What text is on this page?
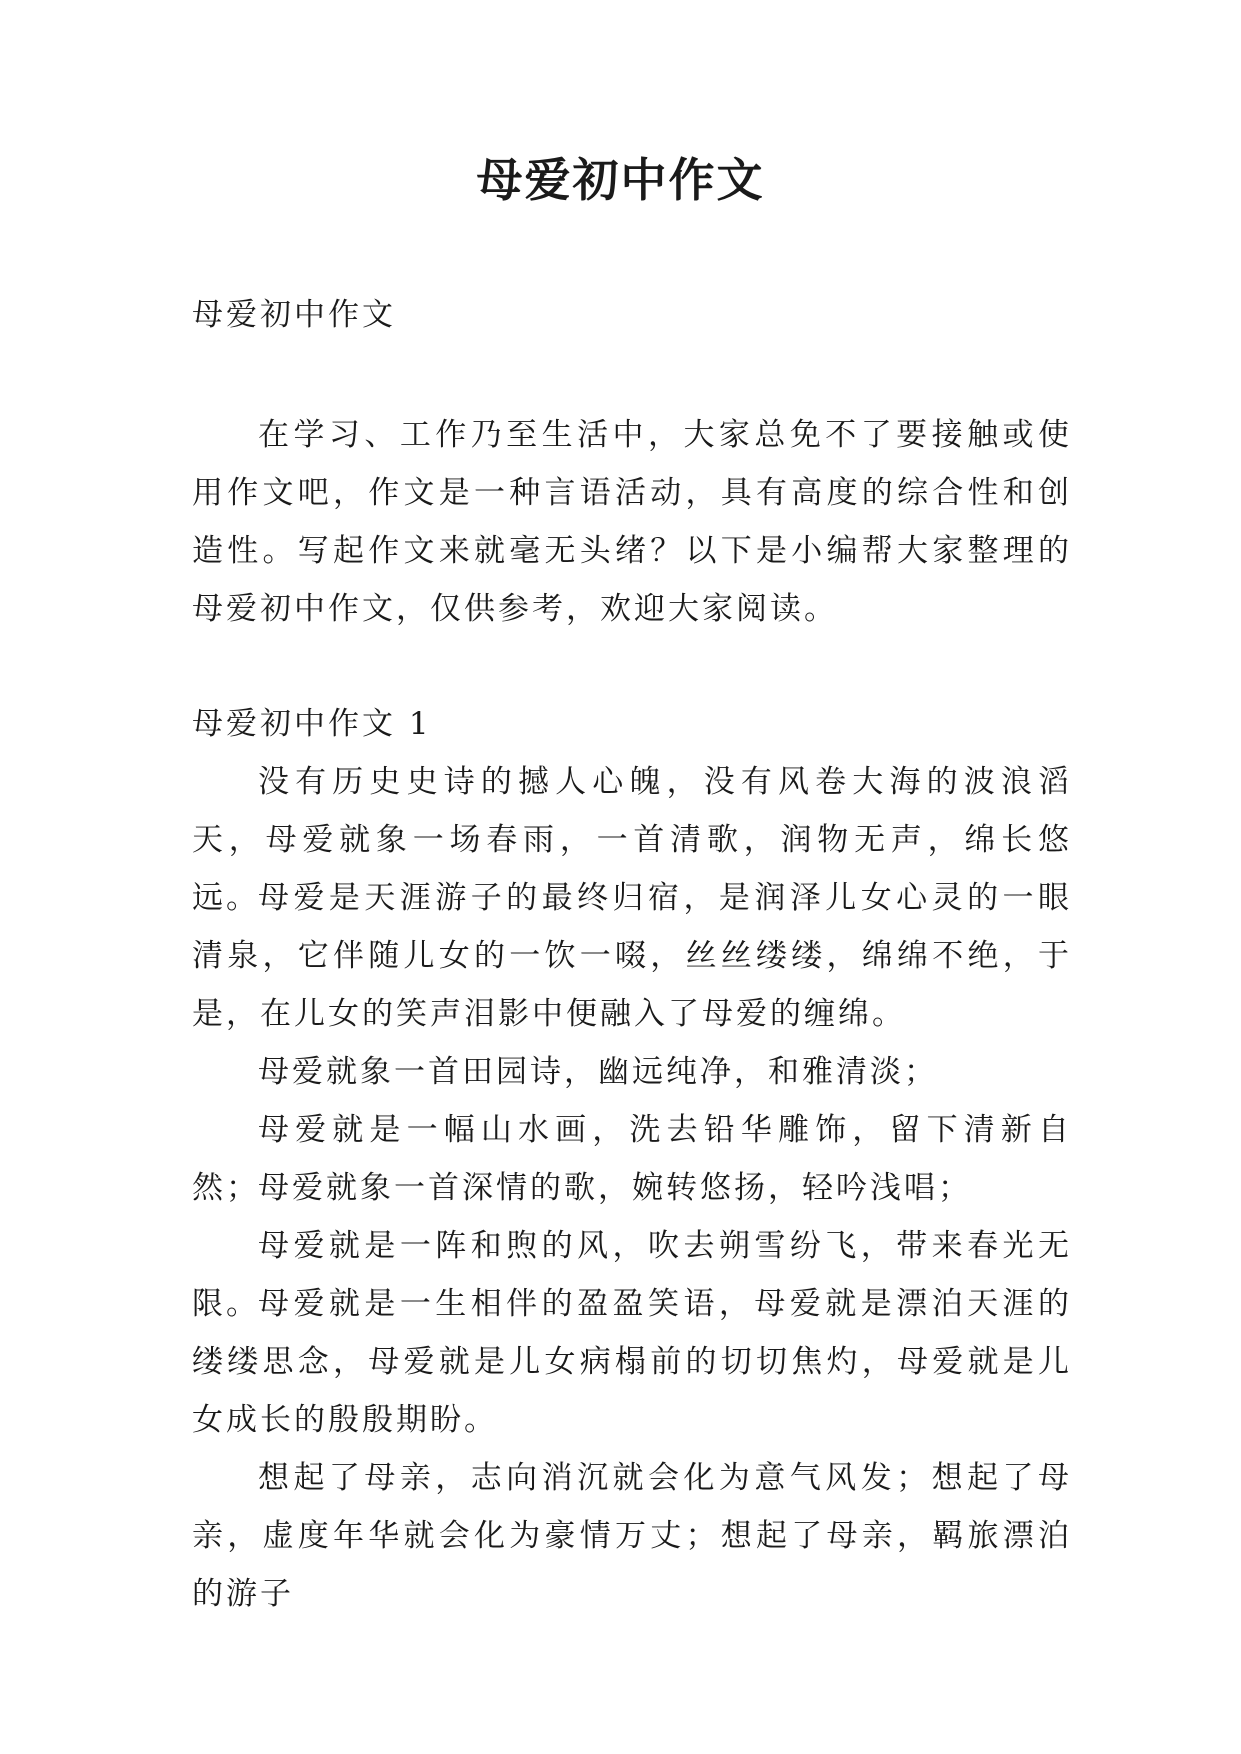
母爱初中作文

母爱初中作文

在学习、工作乃至生活中，大家总免不了要接触或使用作文吧，作文是一种言语活动，具有高度的综合性和创造性。写起作文来就毫无头绪？以下是小编帮大家整理的母爱初中作文，仅供参考，欢迎大家阅读。

母爱初中作文 1

没有历史史诗的撼人心魄，没有风卷大海的波浪滔天，母爱就象一场春雨，一首清歌，润物无声，绵长悠远。

母爱是天涯游子的最终归宿，是润泽儿女心灵的一眼清泉，它伴随儿女的一饮一啜，丝丝缕缕，绵绵不绝，于是，在儿女的笑声泪影中便融入了母爱的缠绵。

母爱就象一首田园诗，幽远纯净，和雅清淡；

母爱就是一幅山水画，洗去铅华雕饰，留下清新自然；

母爱就象一首深情的歌，婉转悠扬，轻吟浅唱；

母爱就是一阵和煦的风，吹去朔雪纷飞，带来春光无限。

母爱就是一生相伴的盈盈笑语，母爱就是漂泊天涯的缕缕思念，母爱就是儿女病榻前的切切焦灼，母爱就是儿女成长的殷殷期盼。

想起了母亲，志向消沉就会化为意气风发；想起了母亲，虚度年华就会化为豪情万丈；想起了母亲，羁旅漂泊的游子
